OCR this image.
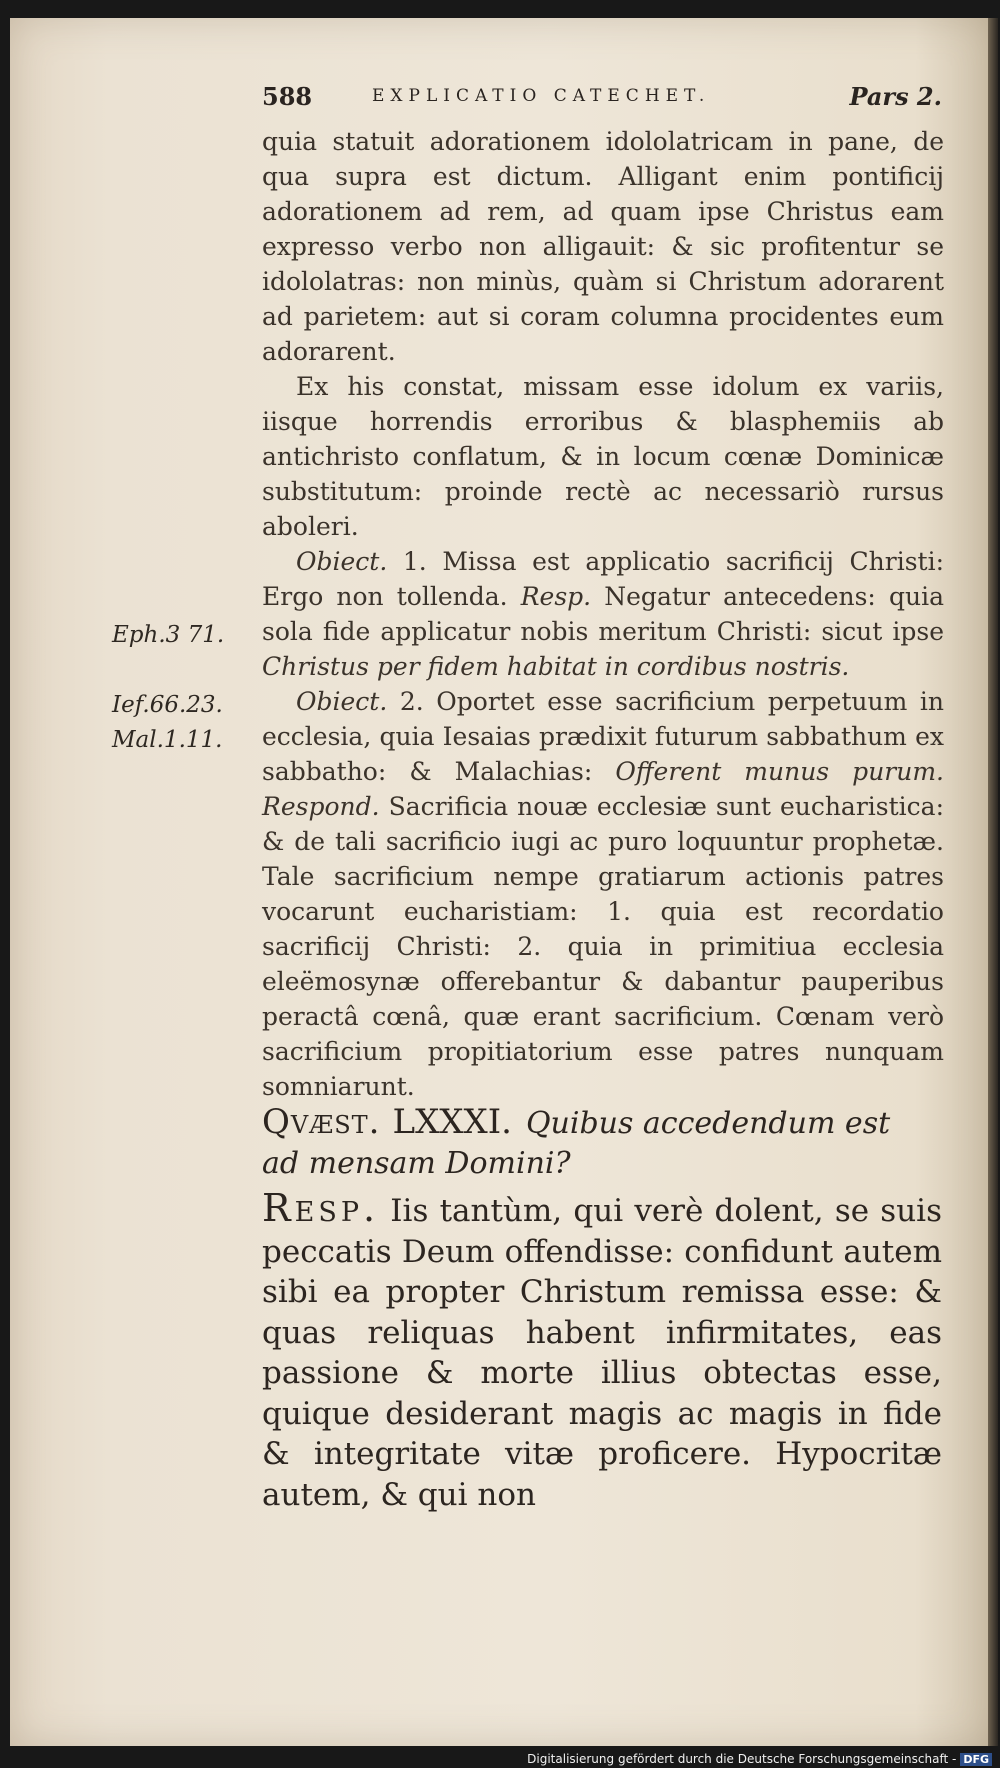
588	EXPLICATIO CATECHET.	Pars 2.
Eph.3 71.
Ief.66.23.
Mal.1.11.

quia statuit adorationem idololatricam in pane, de qua supra est dictum. Alligant enim pontificij adorationem ad rem, ad quam ipse Christus eam expresso verbo non alligauit: & sic profitentur se idololatras: non minùs, quàm si Christum adorarent ad parietem: aut si coram columna procidentes eum adorarent.

Ex his constat, missam esse idolum ex variis, iisque horrendis erroribus & blasphemiis ab antichristo conflatum, & in locum cœnæ Dominicæ substitutum: proinde rectè ac necessariò rursus aboleri.

Obiect. 1. Missa est applicatio sacrificij Christi: Ergo non tollenda. Resp. Negatur antecedens: quia sola fide applicatur nobis meritum Christi: sicut ipse Christus per fidem habitat in cordibus nostris.

Obiect. 2. Oportet esse sacrificium perpetuum in ecclesia, quia Iesaias prædixit futurum sabbathum ex sabbatho: & Malachias: Offerent munus purum. Respond. Sacrificia nouæ ecclesiæ sunt eucharistica: & de tali sacrificio iugi ac puro loquuntur prophetæ. Tale sacrificium nempe gratiarum actionis patres vocarunt eucharistiam: 1. quia est recordatio sacrificij Christi: 2. quia in primitiua ecclesia eleëmosynæ offerebantur & dabantur pauperibus peractâ cœnâ, quæ erant sacrificium. Cœnam verò sacrificium propitiatorium esse patres nunquam somniarunt.

Qvæst. LXXXI. Quibus accedendum est
ad mensam Domini?
Resp. Iis tantùm, qui verè dolent, se suis peccatis Deum offendisse: confidunt autem sibi ea propter Christum remissa esse: & quas reliquas habent infirmitates, eas passione & morte illius obtectas esse, quique desiderant magis ac magis in fide & integritate vitæ proficere. Hypocritæ autem, & qui non
Digitalisierung gefördert durch die Deutsche Forschungsgemeinschaft - DFG
